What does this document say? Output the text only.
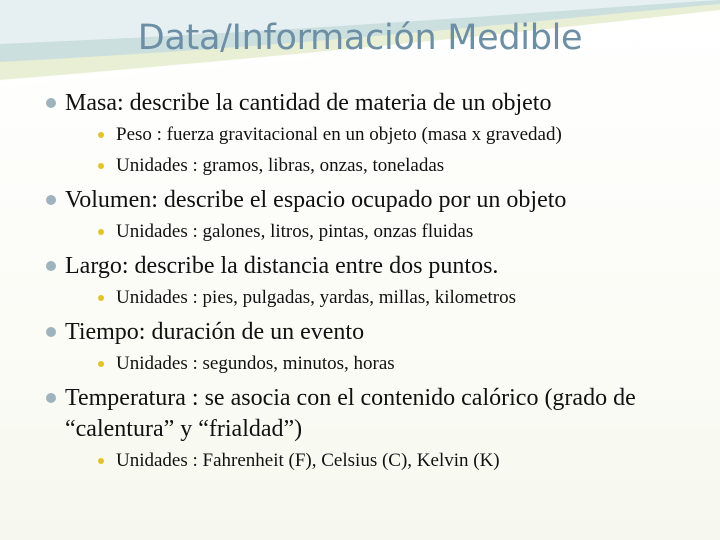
Data/Información Medible
Masa: describe la cantidad de materia de un objeto
Peso : fuerza gravitacional en un objeto (masa x gravedad)
Unidades : gramos, libras, onzas, toneladas
Volumen: describe el espacio ocupado por un objeto
Unidades : galones, litros, pintas, onzas fluidas
Largo: describe la distancia entre dos puntos.
Unidades : pies, pulgadas, yardas, millas, kilometros
Tiempo: duración de un evento
Unidades : segundos, minutos, horas
Temperatura : se asocia con el contenido calórico (grado de “calentura” y “frialdad”)
Unidades : Fahrenheit (F), Celsius (C), Kelvin (K)
